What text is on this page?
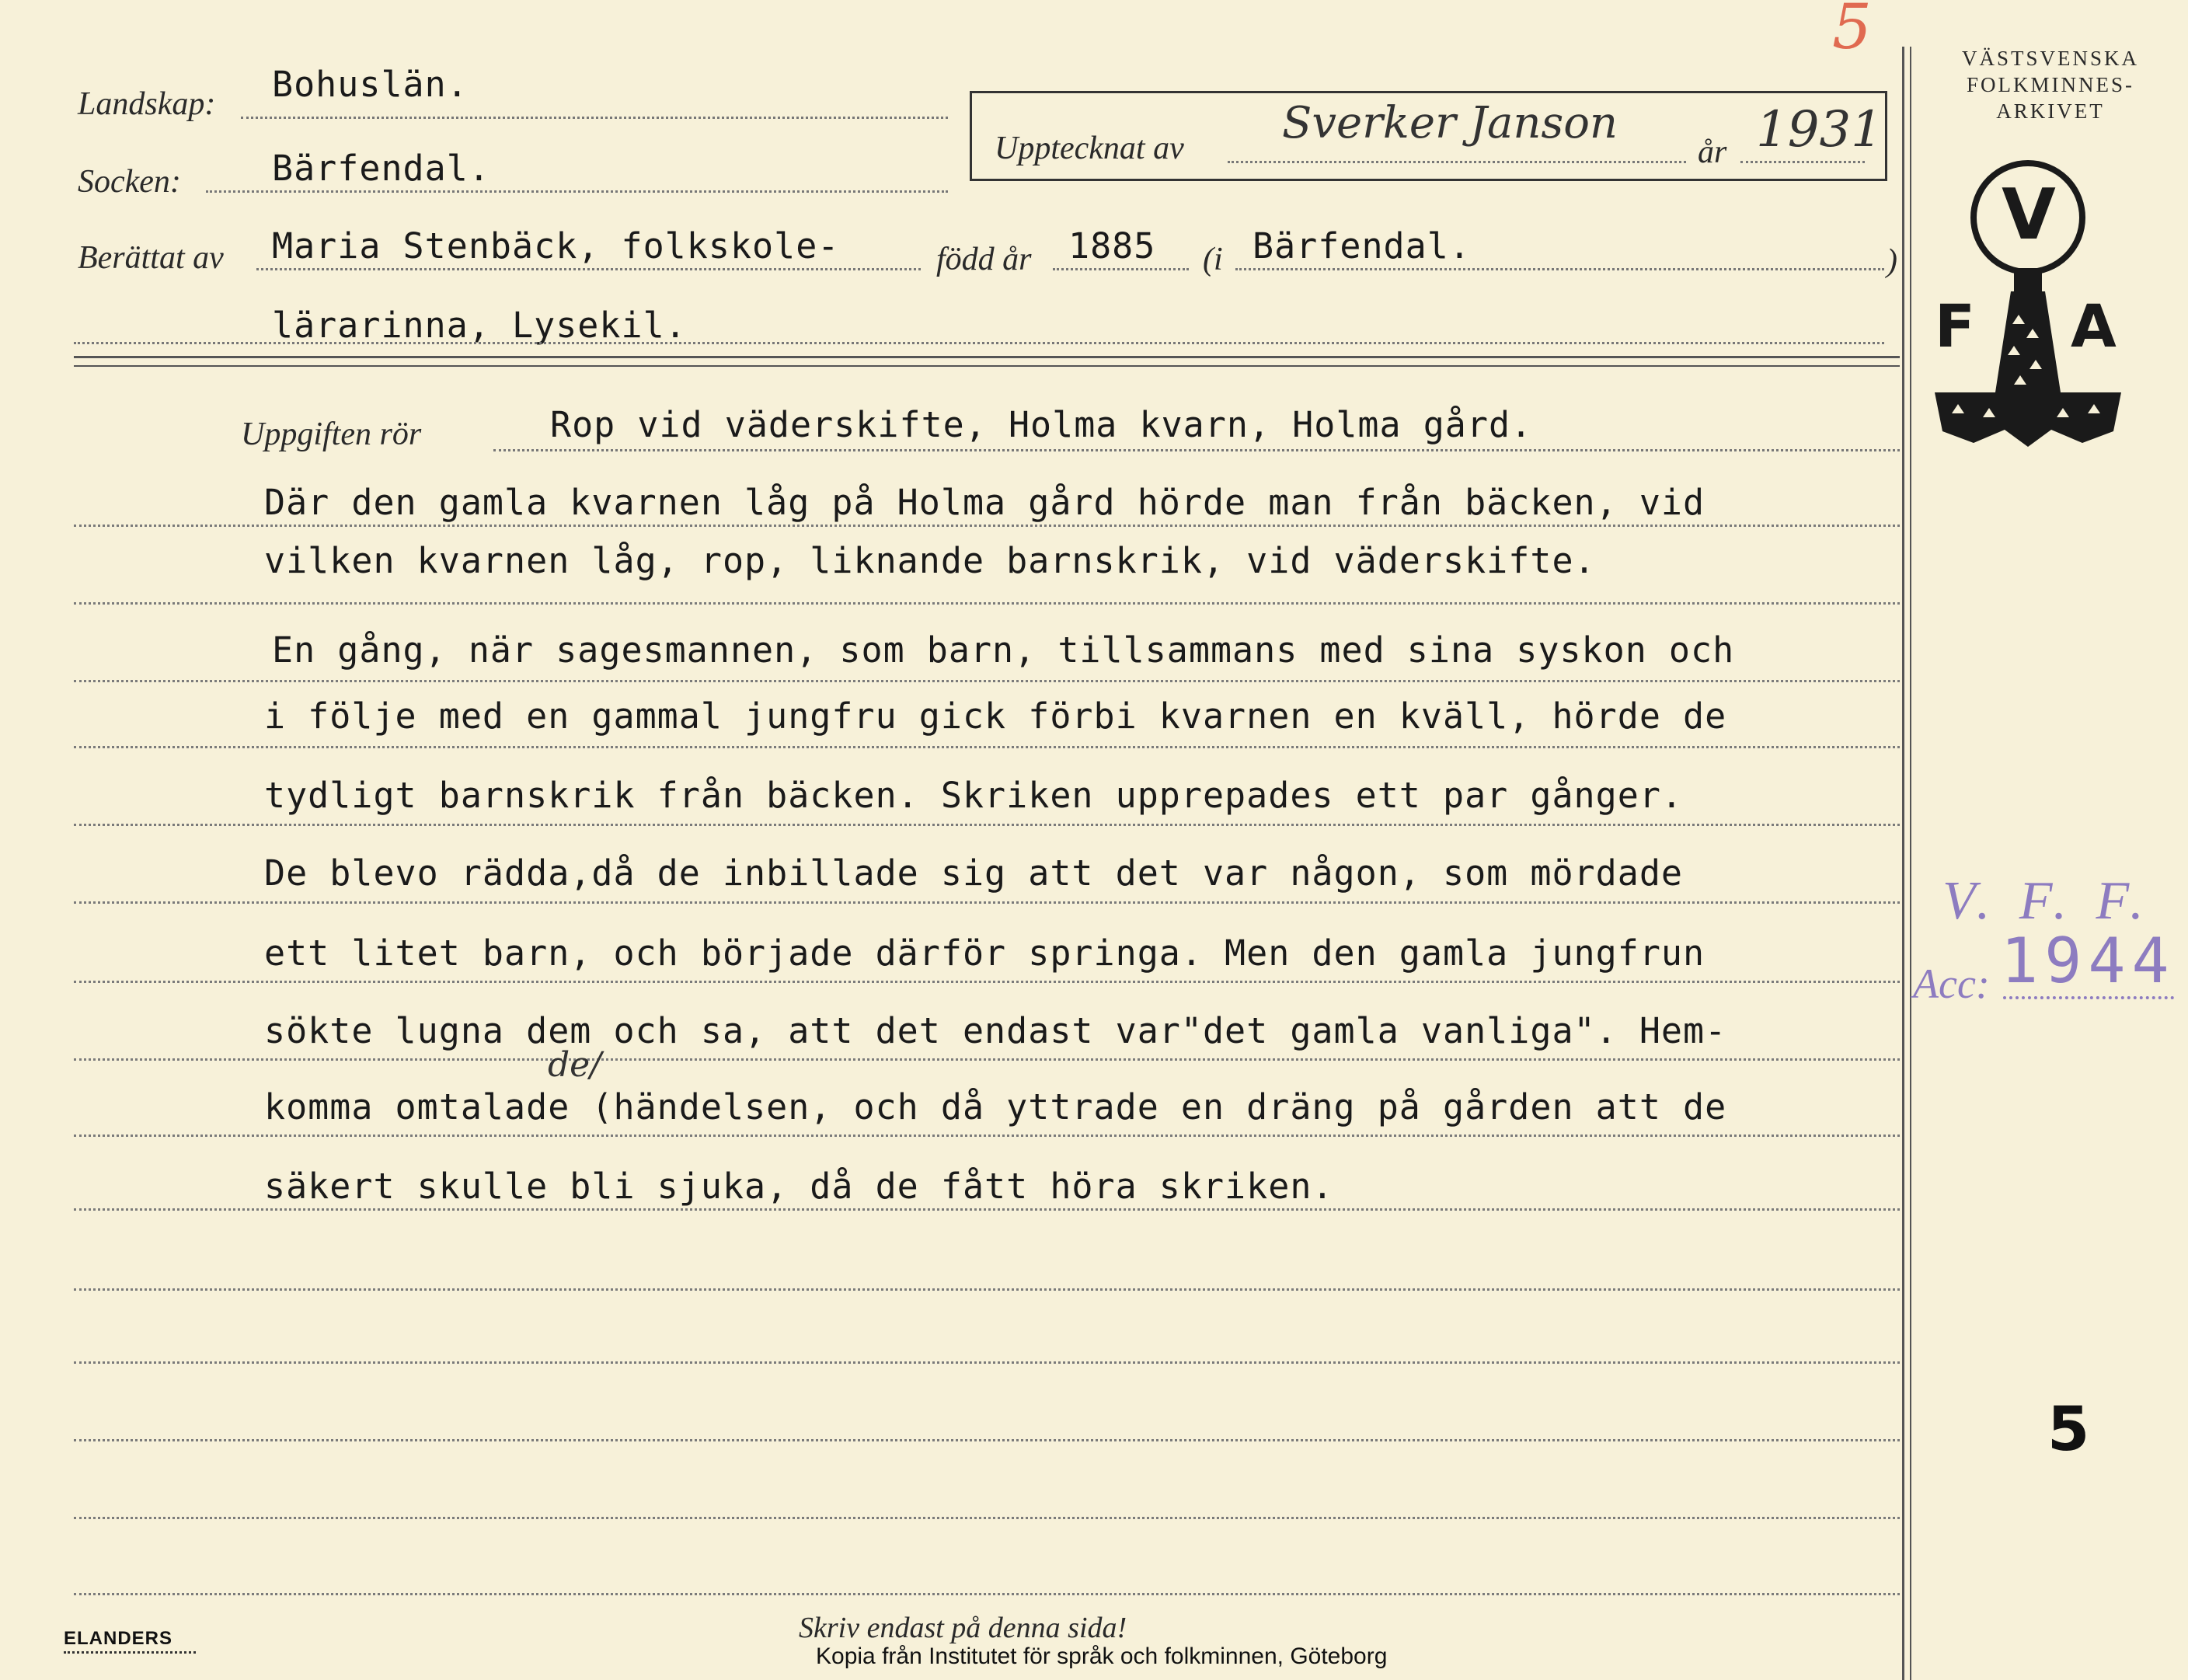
5
Landskap: Bohuslän.
Socken:	Bärfendal.	Upptecknat av Sverker Janson
år 1931
Berättat av Maria Stenbäck, folkskole-	född år 1885 (i Bärfendal.	)
lärarinna, Lysekil.
Uppgiften rör	Rop vid väderskifte, Holma kvarn, Holma gård.
Där den gamla kvarnen låg på Holma gård hörde man från bäcken, vid
vilken kvarnen låg, rop, liknande barnskrik, vid väderskifte.
En gång, när sagesmannen, som barn, tillsammans med sina syskon och
i följe med en gammal jungfru gick förbi kvarnen en kväll, hörde de
tydligt barnskrik från bäcken. Skriken upprepades ett par gånger.
De blevo rädda,då de inbillade sig att det var någon, som mördade
ett litet barn, och började därför springa. Men den gamla jungfrun
sökte lugna dem och sa, att det endast var"det gamla vanliga". Hem-
de/
komma omtalade (händelsen, och då yttrade en dräng på gården att de
säkert skulle bli sjuka, då de fått höra skriken.
VÄSTSVENSKA
FOLKMINNES-
ARKIVET
V
F A
V. F. F.
Acc: 1944
5
ELANDERS	Skriv endast på denna sida!
Kopia från Institutet för språk och folkminnen, Göteborg
